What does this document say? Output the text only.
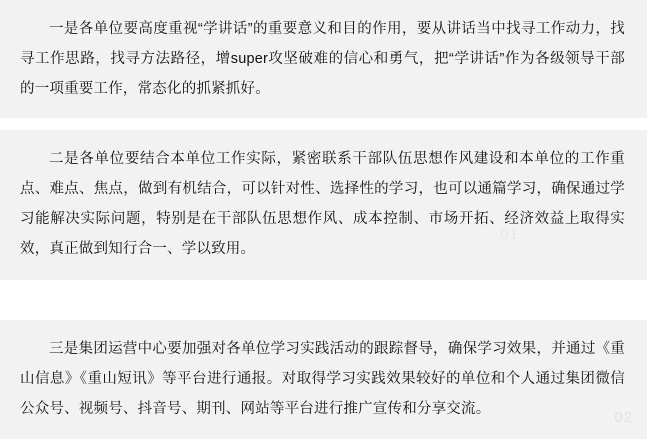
一是各单位要高度重视“学讲话”的重要意义和目的作用，要从讲话当中找寻工作动力，找寻工作思路，找寻方法路径，增super攻坚破难的信心和勇气，把“学讲话”作为各级领导干部的一项重要工作，常态化的抓紧抓好。

二是各单位要结合本单位工作实际，紧密联系干部队伍思想作风建设和本单位的工作重点、难点、焦点，做到有机结合，可以针对性、选择性的学习，也可以通篇学习，确保通过学习能解决实际问题，特别是在干部队伍思想作风、成本控制、市场开拓、经济效益上取得实效，真正做到知行合一、学以致用。

01

三是集团运营中心要加强对各单位学习实践活动的跟踪督导，确保学习效果，并通过《重山信息》《重山短讯》等平台进行通报。对取得学习实践效果较好的单位和个人通过集团微信公众号、视频号、抖音号、期刊、网站等平台进行推广宣传和分享交流。	02
